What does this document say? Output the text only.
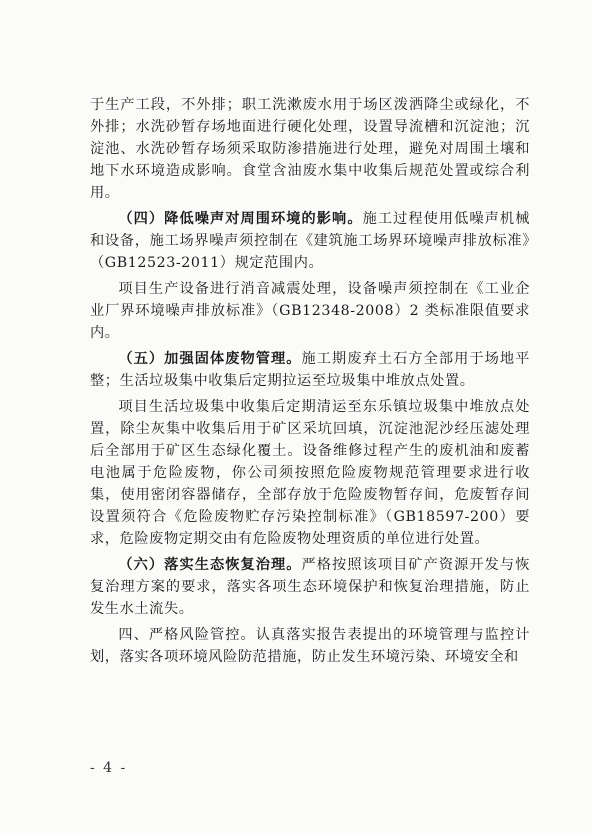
于生产工段，不外排；职工洗漱废水用于场区泼洒降尘或绿化，不外排；水洗砂暂存场地面进行硬化处理，设置导流槽和沉淀池；沉淀池、水洗砂暂存场须采取防渗措施进行处理，避免对周围土壤和地下水环境造成影响。食堂含油废水集中收集后规范处置或综合利用。

（四）降低噪声对周围环境的影响。施工过程使用低噪声机械和设备，施工场界噪声须控制在《建筑施工场界环境噪声排放标准》（GB12523-2011）规定范围内。

项目生产设备进行消音减震处理，设备噪声须控制在《工业企业厂界环境噪声排放标准》（GB12348-2008）2 类标准限值要求内。

（五）加强固体废物管理。施工期废弃土石方全部用于场地平整；生活垃圾集中收集后定期拉运至垃圾集中堆放点处置。

项目生活垃圾集中收集后定期清运至东乐镇垃圾集中堆放点处置，除尘灰集中收集后用于矿区采坑回填，沉淀池泥沙经压滤处理后全部用于矿区生态绿化覆土。设备维修过程产生的废机油和废蓄电池属于危险废物，你公司须按照危险废物规范管理要求进行收集，使用密闭容器储存，全部存放于危险废物暂存间，危废暂存间设置须符合《危险废物贮存污染控制标准》（GB18597-200）要求，危险废物定期交由有危险废物处理资质的单位进行处置。

（六）落实生态恢复治理。严格按照该项目矿产资源开发与恢复治理方案的要求，落实各项生态环境保护和恢复治理措施，防止发生水土流失。

四、严格风险管控。认真落实报告表提出的环境管理与监控计划，落实各项环境风险防范措施，防止发生环境污染、环境安全和

- 4 -
